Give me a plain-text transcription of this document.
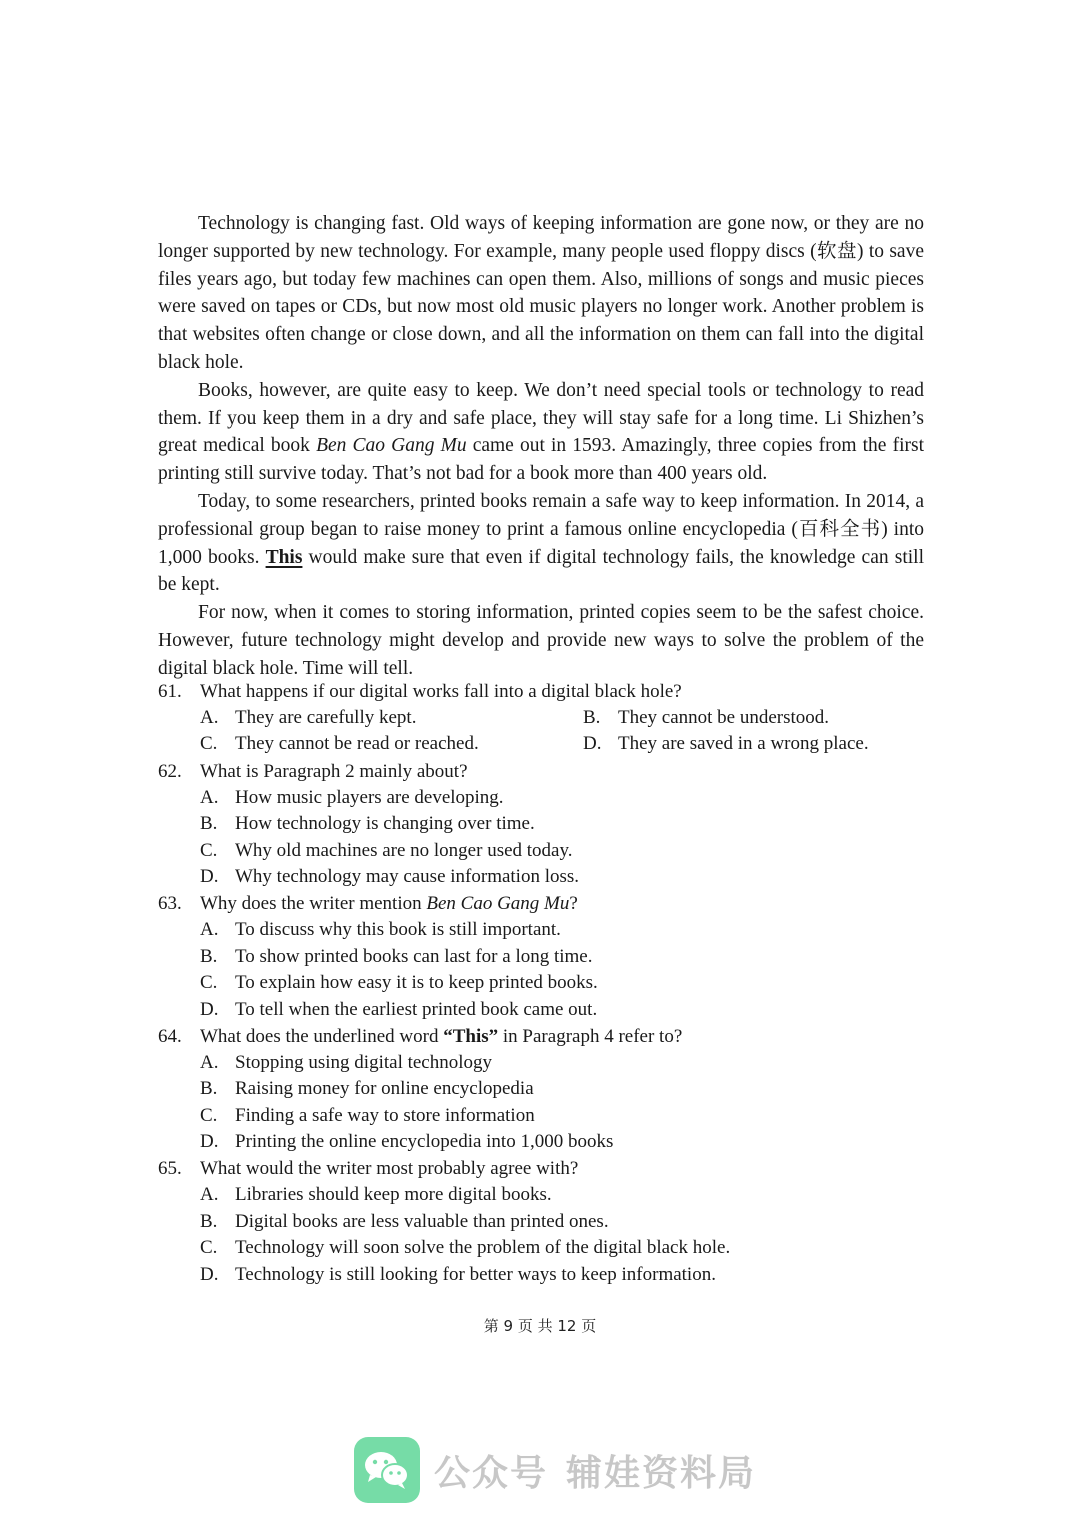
Technology is changing fast. Old ways of keeping information are gone now, or they are no longer supported by new technology. For example, many people used floppy discs (软盘) to save files years ago, but today few machines can open them. Also, millions of songs and music pieces were saved on tapes or CDs, but now most old music players no longer work. Another problem is that websites often change or close down, and all the information on them can fall into the digital black hole.

Books, however, are quite easy to keep. We don’t need special tools or technology to read them. If you keep them in a dry and safe place, they will stay safe for a long time. Li Shizhen’s great medical book Ben Cao Gang Mu came out in 1593. Amazingly, three copies from the first printing still survive today. That’s not bad for a book more than 400 years old.

Today, to some researchers, printed books remain a safe way to keep information. In 2014, a professional group began to raise money to print a famous online encyclopedia (百科全书) into 1,000 books. This would make sure that even if digital technology fails, the knowledge can still be kept.

For now, when it comes to storing information, printed copies seem to be the safest choice. However, future technology might develop and provide new ways to solve the problem of the digital black hole. Time will tell.

61. What happens if our digital works fall into a digital black hole?
A. They are carefully kept.	B. They cannot be understood.
C. They cannot be read or reached.	D. They are saved in a wrong place.
62. What is Paragraph 2 mainly about?
A. How music players are developing.
B. How technology is changing over time.
C. Why old machines are no longer used today.
D. Why technology may cause information loss.
63. Why does the writer mention Ben Cao Gang Mu?
A. To discuss why this book is still important.
B. To show printed books can last for a long time.
C. To explain how easy it is to keep printed books.
D. To tell when the earliest printed book came out.
64. What does the underlined word “This” in Paragraph 4 refer to?
A. Stopping using digital technology
B. Raising money for online encyclopedia
C. Finding a safe way to store information
D. Printing the online encyclopedia into 1,000 books
65. What would the writer most probably agree with?
A. Libraries should keep more digital books.
B. Digital books are less valuable than printed ones.
C. Technology will soon solve the problem of the digital black hole.
D. Technology is still looking for better ways to keep information.
第 9 页 共 12 页
公众号 辅娃资料局
